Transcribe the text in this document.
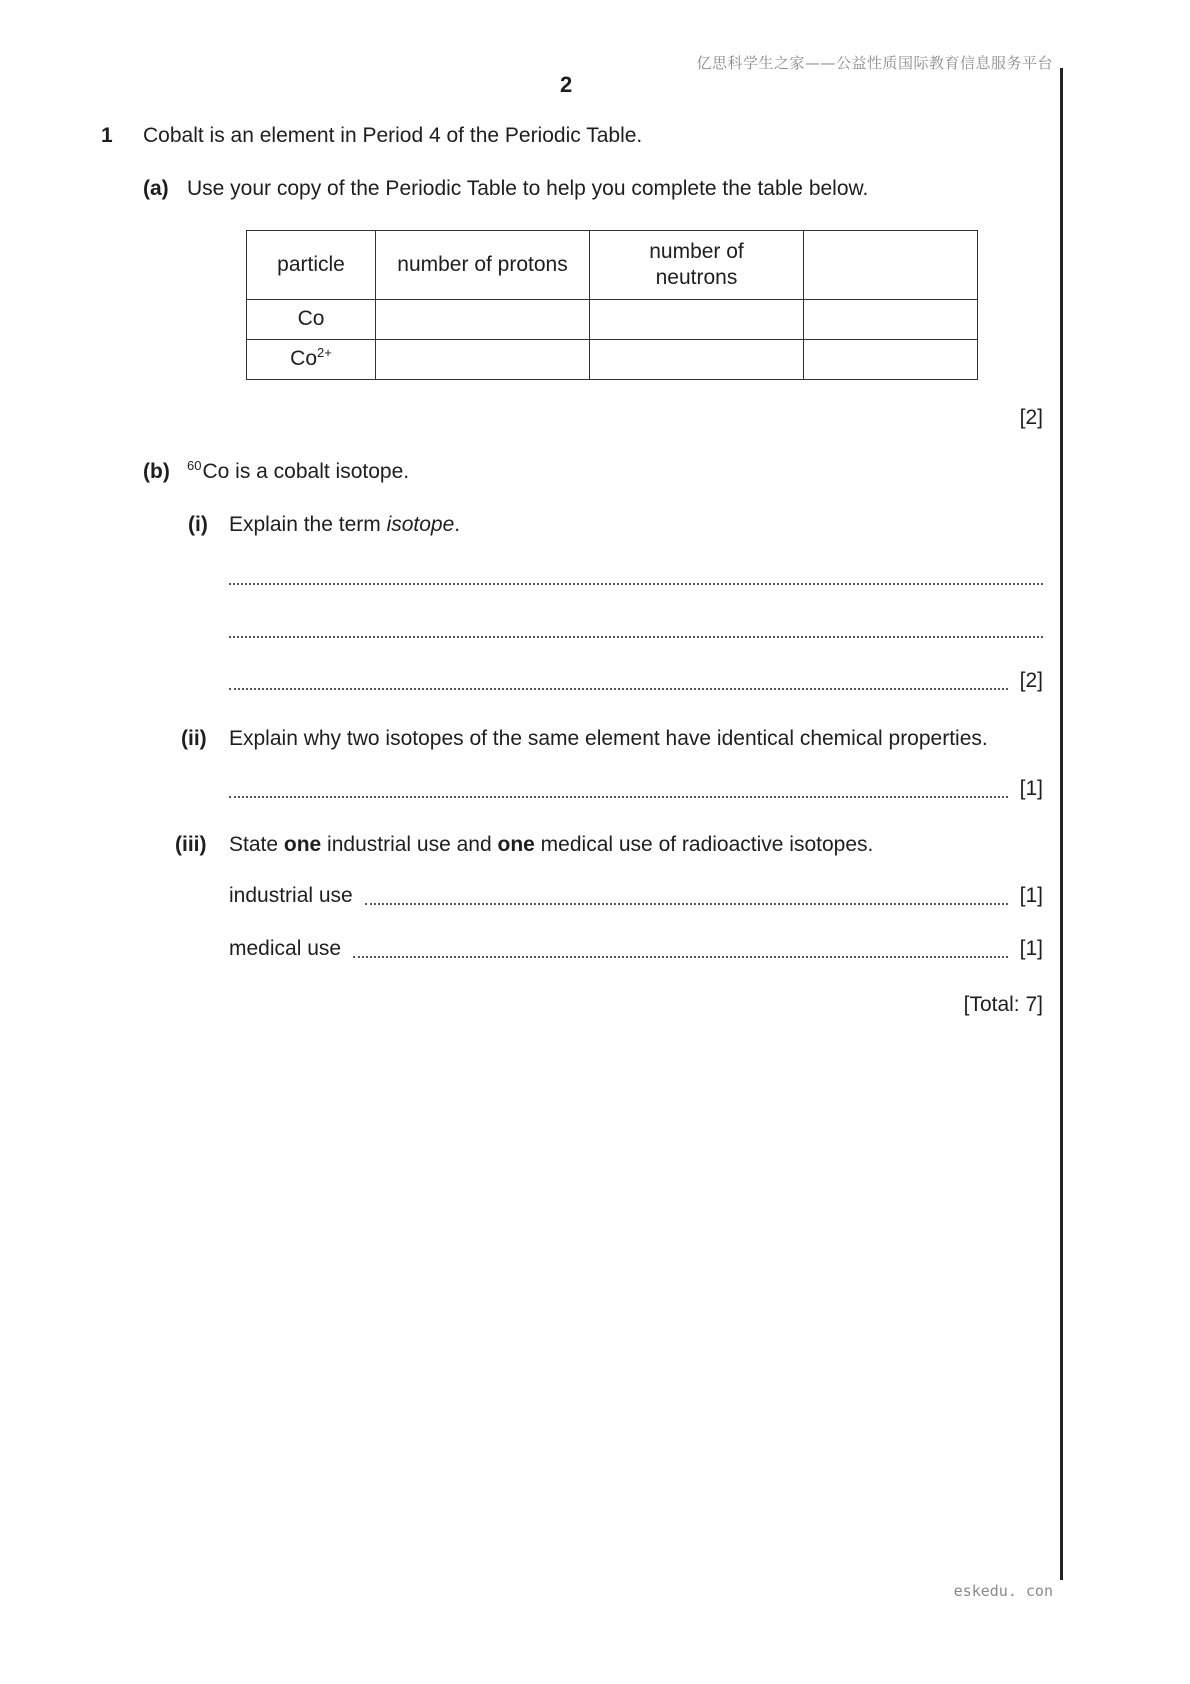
亿思科学生之家——公益性质国际教育信息服务平台
2
eskedu. con
1 Cobalt is an element in Period 4 of the Periodic Table.
(a) Use your copy of the Periodic Table to help you complete the table below.
particle	number of protons	number of neutrons	
Co			
$Co^{2+}$			
[2]
(b) $^{60}$Co is a cobalt isotope.
(i) Explain the term isotope.
[2]
(ii) Explain why two isotopes of the same element have identical chemical properties.
[1]
(iii) State one industrial use and one medical use of radioactive isotopes.
industrial use	[1]
medical use	[1]
[Total: 7]
